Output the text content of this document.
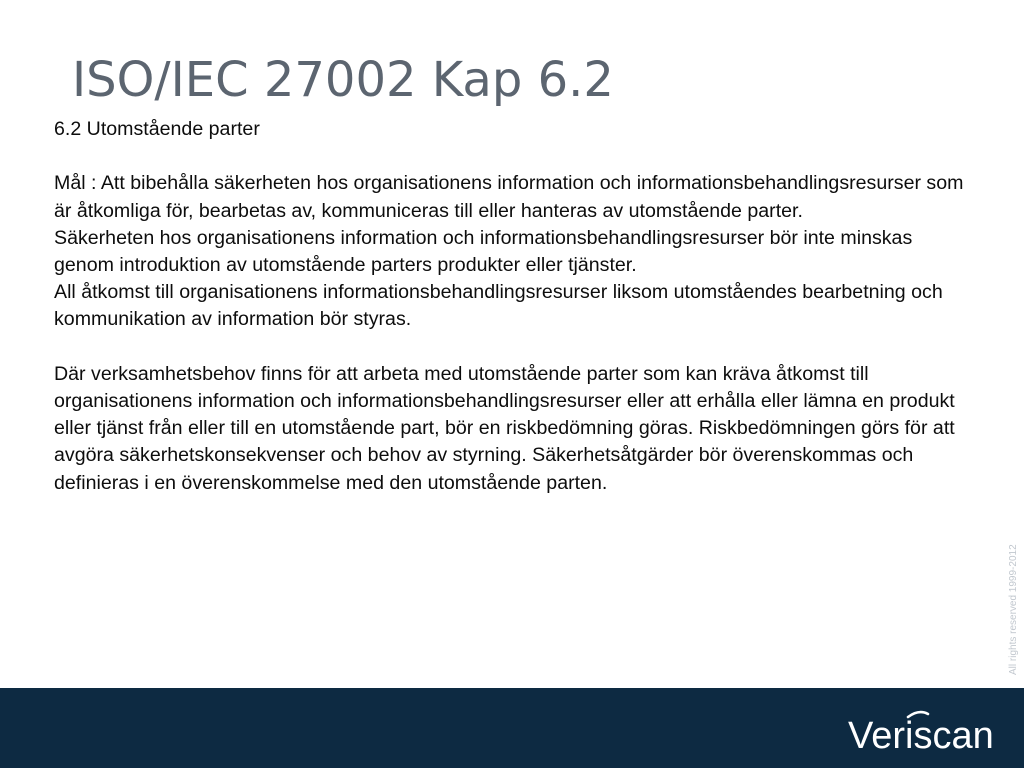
ISO/IEC 27002 Kap 6.2

6.2 Utomstående parter

Mål : Att bibehålla säkerheten hos organisationens information och informationsbehandlingsresurser som är åtkomliga för, bearbetas av, kommuniceras till eller hanteras av utomstående parter.

Säkerheten hos organisationens information och informationsbehandlingsresurser bör inte minskas genom introduktion av utomstående parters produkter eller tjänster.

All åtkomst till organisationens informationsbehandlingsresurser liksom utomståendes bearbetning och kommunikation av information bör styras.

Där verksamhetsbehov finns för att arbeta med utomstående parter som kan kräva åtkomst till organisationens information och informationsbehandlingsresurser eller att erhålla eller lämna en produkt eller tjänst från eller till en utomstående part, bör en riskbedömning göras. Riskbedömningen görs för att avgöra säkerhetskonsekvenser och behov av styrning. Säkerhetsåtgärder bör överenskommas och definieras i en överenskommelse med den utomstående parten.

All rights reserved 1999-2012
Veriscan
